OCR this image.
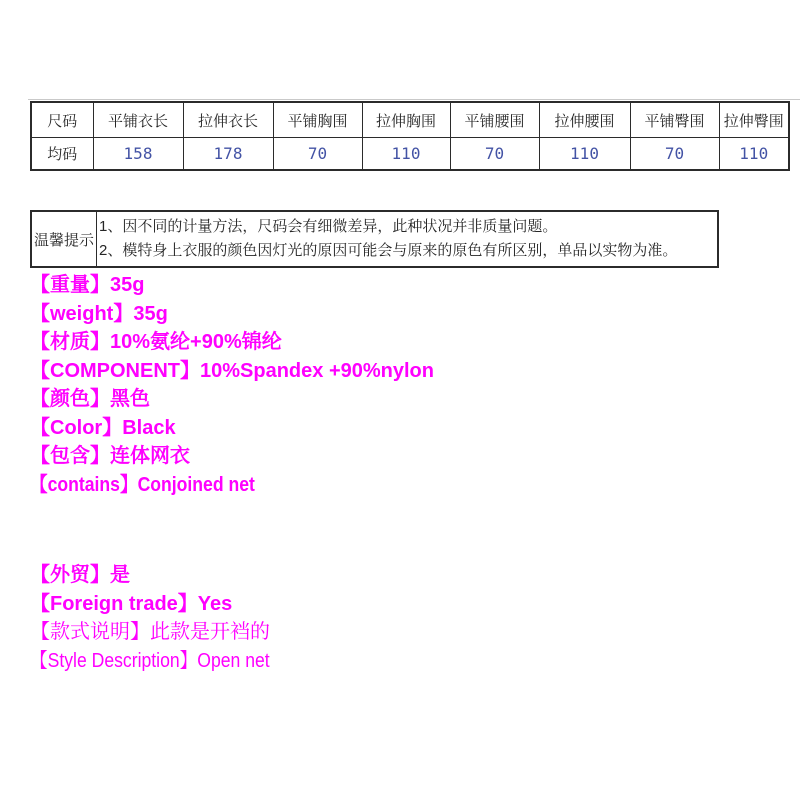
尺码	平铺衣长	拉伸衣长	平铺胸围	拉伸胸围	平铺腰围	拉伸腰围	平铺臀围	拉伸臀围
均码	158	178	70	110	70	110	70	110
温馨提示
1、因不同的计量方法，尺码会有细微差异，此种状况并非质量问题。
2、模特身上衣服的颜色因灯光的原因可能会与原来的原色有所区别，单品以实物为准。
【重量】35g
【weight】35g
【材质】10%氨纶+90%锦纶
【COMPONENT】10%Spandex +90%nylon
【颜色】黑色
【Color】Black
【包含】连体网衣
【contains】Conjoined net
【外贸】是
【Foreign trade】Yes
【款式说明】此款是开裆的
【Style Description】Open net
